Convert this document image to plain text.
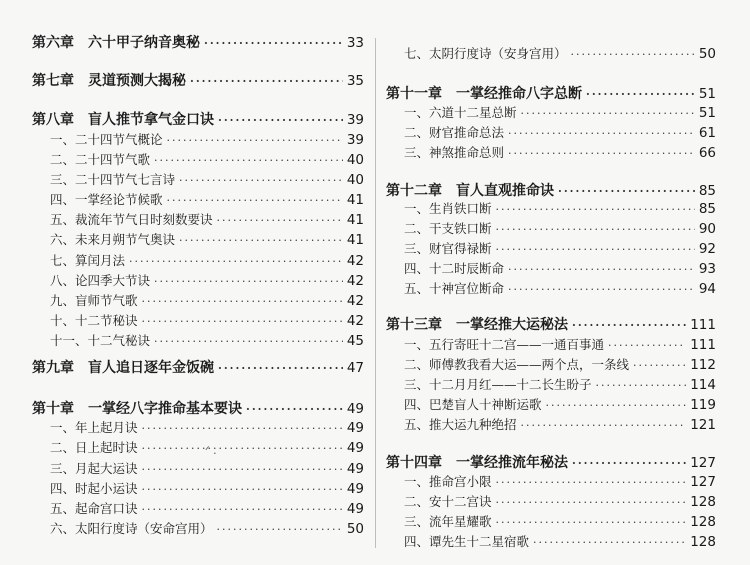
第六章　六十甲子纳音奥秘 ·····	33
第七章　灵道预测大揭秘 ·····	35
第八章　盲人推节拿气金口诀 ·····	39
一、二十四节气概论 ·····	39
二、二十四节气歌 ·····	40
三、二十四节气七言诗 ·····	40
四、一掌经论节候歌 ·····	41
五、裁流年节气日时刻数要诀 ·····	41
六、未来月朔节气奥诀 ·····	41
七、算闰月法 ·····	42
八、论四季大节诀 ·····	42
九、盲师节气歌 ·····	42
十、十二节秘诀 ·····	42
十一、十二气秘诀 ·····	45
第九章　盲人追日逐年金饭碗 ·····	47
第十章　一掌经八字推命基本要诀 ·····	49
一、年上起月诀 ·····	49
二、日上起时诀 ·····	49
三、月起大运诀 ·····	49
四、时起小运诀 ·····	49
五、起命宫口诀 ·····	49
六、太阳行度诗（安命宫用） ·····	50
ᐟ .
七、太阴行度诗（安身宫用） ·····	50
第十一章　一掌经推命八字总断 ·····	51
一、六道十二星总断 ·····	51
二、财官推命总法 ·····	61
三、神煞推命总则 ·····	66
第十二章　盲人直观推命诀 ·····	85
一、生肖铁口断 ·····	85
二、干支铁口断 ·····	90
三、财官得禄断 ·····	92
四、十二时辰断命 ·····	93
五、十神宫位断命 ·····	94
第十三章　一掌经推大运秘法 ·····	111
一、五行寄旺十二宫——一通百事通 ·····	111
二、师傅教我看大运——两个点，一条线 ·····	112
三、十二月月红——十二长生盼子 ·····	114
四、巴楚盲人十神断运歌 ·····	119
五、推大运九种绝招 ·····	121
第十四章　一掌经推流年秘法 ·····	127
一、推命宫小限 ·····	127
二、安十二宫诀 ·····	128
三、流年星耀歌 ·····	128
四、谭先生十二星宿歌 ·····	128
